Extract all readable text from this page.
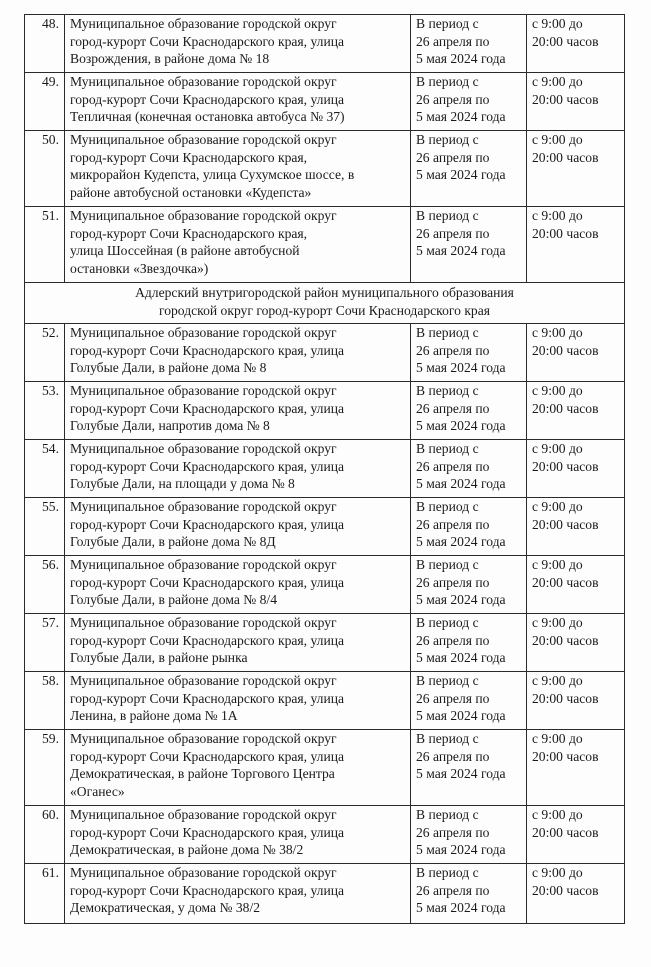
48.	Муниципальное образование городской округ
город-курорт Сочи Краснодарского края, улица
Возрождения, в районе дома № 18	В период с
26 апреля по
5 мая 2024 года	с 9:00 до
20:00 часов

49.	Муниципальное образование городской округ
город-курорт Сочи Краснодарского края, улица
Тепличная (конечная остановка автобуса № 37)	В период с
26 апреля по
5 мая 2024 года	с 9:00 до
20:00 часов

50.	Муниципальное образование городской округ
город-курорт Сочи Краснодарского края,
микрорайон Кудепста, улица Сухумское шоссе, в
районе автобусной остановки «Кудепста»	В период с
26 апреля по
5 мая 2024 года	с 9:00 до
20:00 часов

51.	Муниципальное образование городской округ
город-курорт Сочи Краснодарского края,
улица Шоссейная (в районе автобусной
остановки «Звездочка»)	В период с
26 апреля по
5 мая 2024 года	с 9:00 до
20:00 часов

Адлерский внутригородской район муниципального образования
городской округ город-курорт Сочи Краснодарского края			

52.	Муниципальное образование городской округ
город-курорт Сочи Краснодарского края, улица
Голубые Дали, в районе дома № 8	В период с
26 апреля по
5 мая 2024 года	с 9:00 до
20:00 часов

53.	Муниципальное образование городской округ
город-курорт Сочи Краснодарского края, улица
Голубые Дали, напротив дома № 8	В период с
26 апреля по
5 мая 2024 года	с 9:00 до
20:00 часов

54.	Муниципальное образование городской округ
город-курорт Сочи Краснодарского края, улица
Голубые Дали, на площади у дома № 8	В период с
26 апреля по
5 мая 2024 года	с 9:00 до
20:00 часов

55.	Муниципальное образование городской округ
город-курорт Сочи Краснодарского края, улица
Голубые Дали, в районе дома № 8Д	В период с
26 апреля по
5 мая 2024 года	с 9:00 до
20:00 часов

56.	Муниципальное образование городской округ
город-курорт Сочи Краснодарского края, улица
Голубые Дали, в районе дома № 8/4	В период с
26 апреля по
5 мая 2024 года	с 9:00 до
20:00 часов

57.	Муниципальное образование городской округ
город-курорт Сочи Краснодарского края, улица
Голубые Дали, в районе рынка	В период с
26 апреля по
5 мая 2024 года	с 9:00 до
20:00 часов

58.	Муниципальное образование городской округ
город-курорт Сочи Краснодарского края, улица
Ленина, в районе дома № 1А	В период с
26 апреля по
5 мая 2024 года	с 9:00 до
20:00 часов

59.	Муниципальное образование городской округ
город-курорт Сочи Краснодарского края, улица
Демократическая, в районе Торгового Центра
«Оганес»	В период с
26 апреля по
5 мая 2024 года	с 9:00 до
20:00 часов

60.	Муниципальное образование городской округ
город-курорт Сочи Краснодарского края, улица
Демократическая, в районе дома № 38/2	В период с
26 апреля по
5 мая 2024 года	с 9:00 до
20:00 часов

61.	Муниципальное образование городской округ
город-курорт Сочи Краснодарского края, улица
Демократическая, у дома № 38/2	В период с
26 апреля по
5 мая 2024 года	с 9:00 до
20:00 часов
